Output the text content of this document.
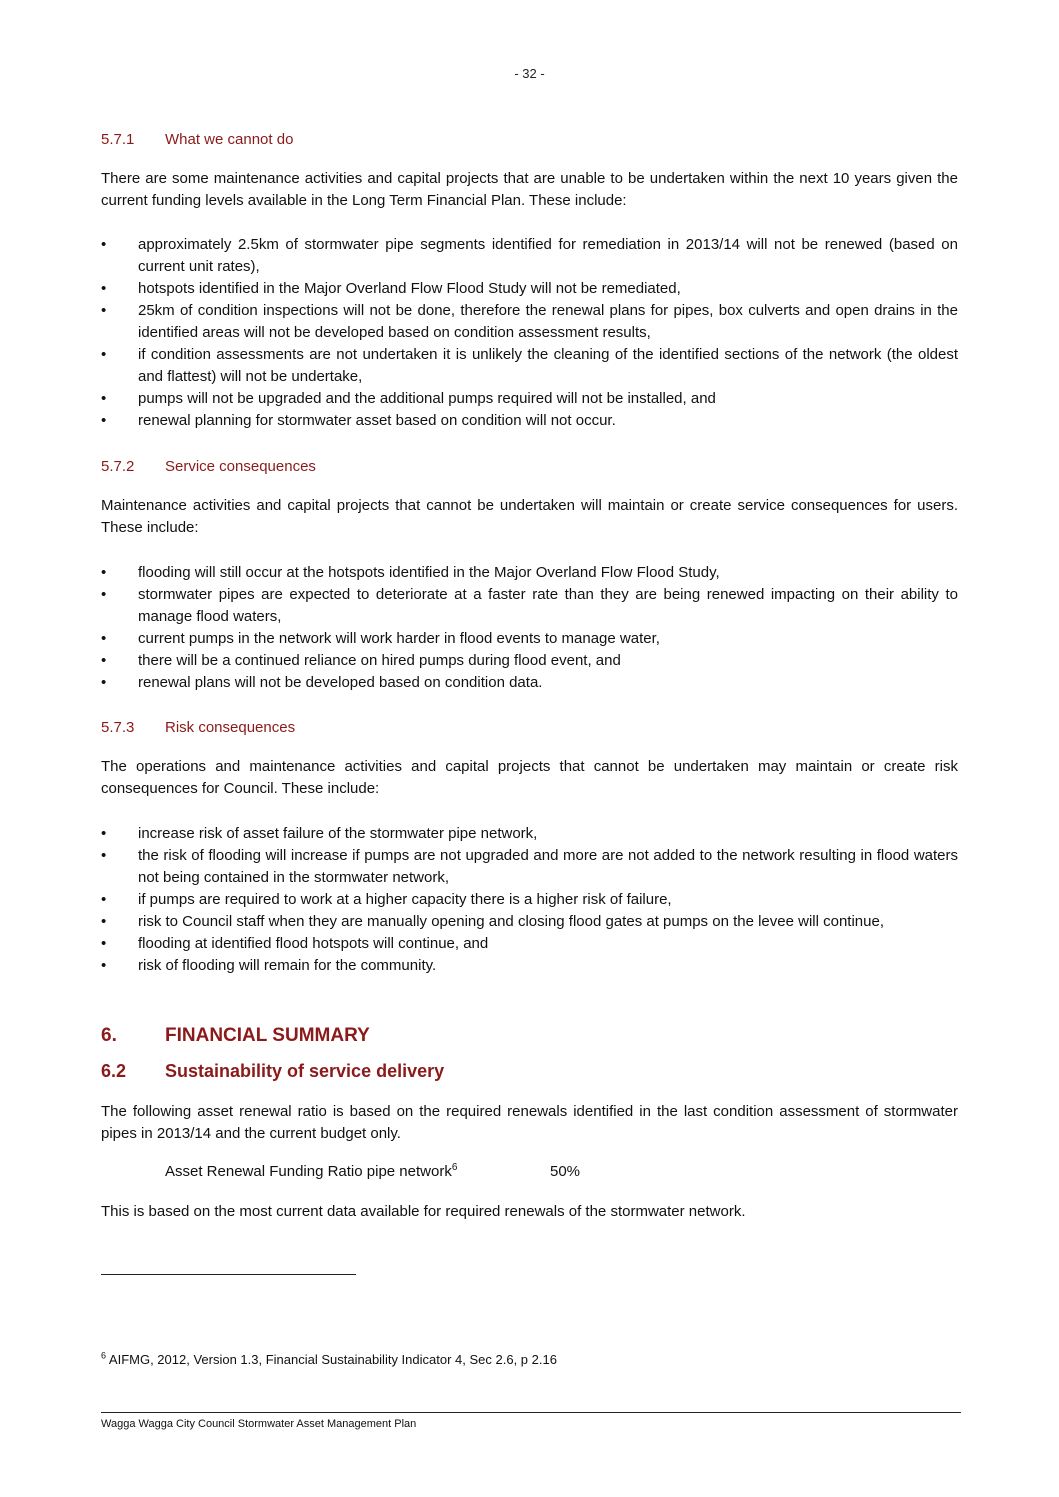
- 32 -
5.7.1 What we cannot do

There are some maintenance activities and capital projects that are unable to be undertaken within the next 10 years given the current funding levels available in the Long Term Financial Plan. These include:

• approximately 2.5km of stormwater pipe segments identified for remediation in 2013/14 will not be renewed (based on current unit rates),
• hotspots identified in the Major Overland Flow Flood Study will not be remediated,
• 25km of condition inspections will not be done, therefore the renewal plans for pipes, box culverts and open drains in the identified areas will not be developed based on condition assessment results,
• if condition assessments are not undertaken it is unlikely the cleaning of the identified sections of the network (the oldest and flattest) will not be undertake,
• pumps will not be upgraded and the additional pumps required will not be installed, and
• renewal planning for stormwater asset based on condition will not occur.
5.7.2 Service consequences

Maintenance activities and capital projects that cannot be undertaken will maintain or create service consequences for users. These include:

• flooding will still occur at the hotspots identified in the Major Overland Flow Flood Study,
• stormwater pipes are expected to deteriorate at a faster rate than they are being renewed impacting on their ability to manage flood waters,
• current pumps in the network will work harder in flood events to manage water,
• there will be a continued reliance on hired pumps during flood event, and
• renewal plans will not be developed based on condition data.
5.7.3 Risk consequences

The operations and maintenance activities and capital projects that cannot be undertaken may maintain or create risk consequences for Council. These include:

• increase risk of asset failure of the stormwater pipe network,
• the risk of flooding will increase if pumps are not upgraded and more are not added to the network resulting in flood waters not being contained in the stormwater network,
• if pumps are required to work at a higher capacity there is a higher risk of failure,
• risk to Council staff when they are manually opening and closing flood gates at pumps on the levee will continue,
• flooding at identified flood hotspots will continue, and
• risk of flooding will remain for the community.
6.	FINANCIAL SUMMARY
6.2 Sustainability of service delivery

The following asset renewal ratio is based on the required renewals identified in the last condition assessment of stormwater pipes in 2013/14 and the current budget only.

Asset Renewal Funding Ratio pipe network$^6$	50%

This is based on the most current data available for required renewals of the stormwater network.

$^6$ AIFMG, 2012, Version 1.3, Financial Sustainability Indicator 4, Sec 2.6, p 2.16
Wagga Wagga City Council Stormwater Asset Management Plan
